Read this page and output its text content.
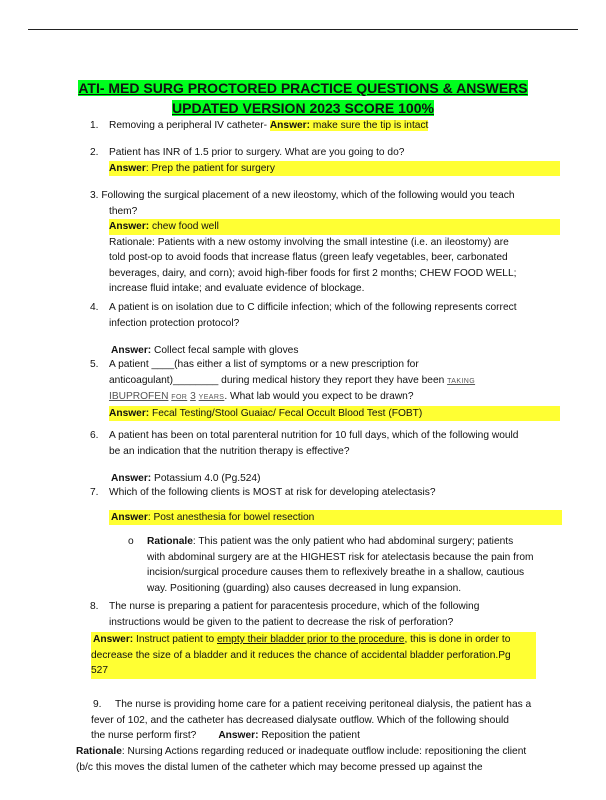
ATI- MED SURG PROCTORED PRACTICE QUESTIONS & ANSWERS
UPDATED VERSION 2023 SCORE 100%
1. Removing a peripheral IV catheter- Answer: make sure the tip is intact
2. Patient has INR of 1.5 prior to surgery. What are you going to do?
Answer: Prep the patient for surgery
3. Following the surgical placement of a new ileostomy, which of the following would you teach
them?
Answer: chew food well
Rationale: Patients with a new ostomy involving the small intestine (i.e. an ileostomy) are
told post-op to avoid foods that increase flatus (green leafy vegetables, beer, carbonated
beverages, dairy, and corn); avoid high-fiber foods for first 2 months; CHEW FOOD WELL;
increase fluid intake; and evaluate evidence of blockage.
4. A patient is on isolation due to C difficile infection; which of the following represents correct
infection protection protocol?
Answer: Collect fecal sample with gloves
5. A patient ____(has either a list of symptoms or a new prescription for
anticoagulant)________ during medical history they report they have been TAKING
IBUPROFEN FOR 3 YEARS. What lab would you expect to be drawn?
Answer: Fecal Testing/Stool Guaiac/ Fecal Occult Blood Test (FOBT)
6. A patient has been on total parenteral nutrition for 10 full days, which of the following would
be an indication that the nutrition therapy is effective?
Answer: Potassium 4.0 (Pg.524)
7. Which of the following clients is MOST at risk for developing atelectasis?
Answer: Post anesthesia for bowel resection
o Rationale: This patient was the only patient who had abdominal surgery; patients
with abdominal surgery are at the HIGHEST risk for atelectasis because the pain from
incision/surgical procedure causes them to reflexively breathe in a shallow, cautious
way. Positioning (guarding) also causes decreased in lung expansion.
8. The nurse is preparing a patient for paracentesis procedure, which of the following
instructions would be given to the patient to decrease the risk of perforation?
Answer: Instruct patient to empty their bladder prior to the procedure, this is done in order to
decrease the size of a bladder and it reduces the chance of accidental bladder perforation.Pg
527
9.	The nurse is providing home care for a patient receiving peritoneal dialysis, the patient has a
fever of 102, and the catheter has decreased dialysate outflow. Which of the following should
the nurse perform first? Answer: Reposition the patient
Rationale: Nursing Actions regarding reduced or inadequate outflow include: repositioning the client
(b/c this moves the distal lumen of the catheter which may become pressed up against the
